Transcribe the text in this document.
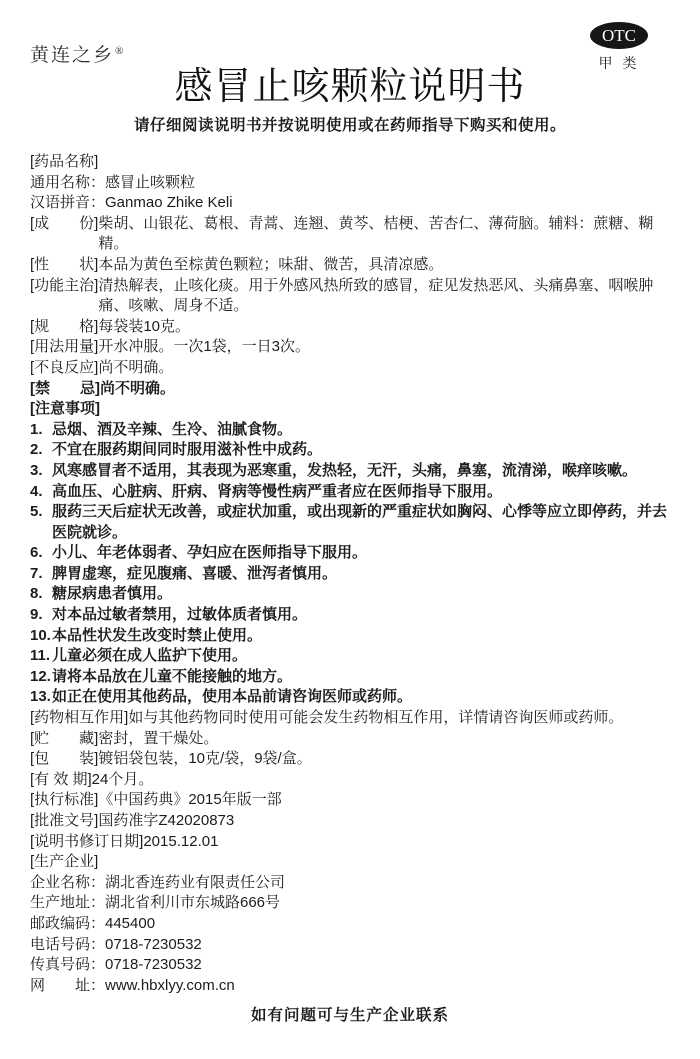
黄连之乡®
OTC
甲 类
感冒止咳颗粒说明书
请仔细阅读说明书并按说明使用或在药师指导下购买和使用。
[药品名称]
通用名称：感冒止咳颗粒
汉语拼音：Ganmao Zhike Keli
[成　　份] 柴胡、山银花、葛根、青蒿、连翘、黄芩、桔梗、苦杏仁、薄荷脑。辅料：蔗糖、糊精。
[性　　状] 本品为黄色至棕黄色颗粒；味甜、微苦，具清凉感。
[功能主治] 清热解表，止咳化痰。用于外感风热所致的感冒，症见发热恶风、头痛鼻塞、咽喉肿痛、咳嗽、周身不适。
[规　　格] 每袋装10克。
[用法用量] 开水冲服。一次1袋，一日3次。
[不良反应] 尚不明确。
[禁　　忌] 尚不明确。
[注意事项]
1. 忌烟、酒及辛辣、生冷、油腻食物。
2. 不宜在服药期间同时服用滋补性中成药。
3. 风寒感冒者不适用，其表现为恶寒重，发热轻，无汗，头痛，鼻塞，流清涕，喉痒咳嗽。
4. 高血压、心脏病、肝病、肾病等慢性病严重者应在医师指导下服用。
5. 服药三天后症状无改善，或症状加重，或出现新的严重症状如胸闷、心悸等应立即停药，并去医院就诊。
6. 小儿、年老体弱者、孕妇应在医师指导下服用。
7. 脾胃虚寒，症见腹痛、喜暖、泄泻者慎用。
8. 糖尿病患者慎用。
9. 对本品过敏者禁用，过敏体质者慎用。
10. 本品性状发生改变时禁止使用。
11. 儿童必须在成人监护下使用。
12. 请将本品放在儿童不能接触的地方。
13. 如正在使用其他药品，使用本品前请咨询医师或药师。
[药物相互作用] 如与其他药物同时使用可能会发生药物相互作用，详情请咨询医师或药师。
[贮　　藏] 密封，置干燥处。
[包　　装] 镀铝袋包装，10克/袋，9袋/盒。
[有 效 期] 24个月。
[执行标准] 《中国药典》2015年版一部
[批准文号] 国药准字Z42020873
[说明书修订日期] 2015.12.01
[生产企业]
企业名称：湖北香连药业有限责任公司
生产地址：湖北省利川市东城路666号
邮政编码：445400
电话号码：0718-7230532
传真号码：0718-7230532
网　　址：www.hbxlyy.com.cn
如有问题可与生产企业联系
